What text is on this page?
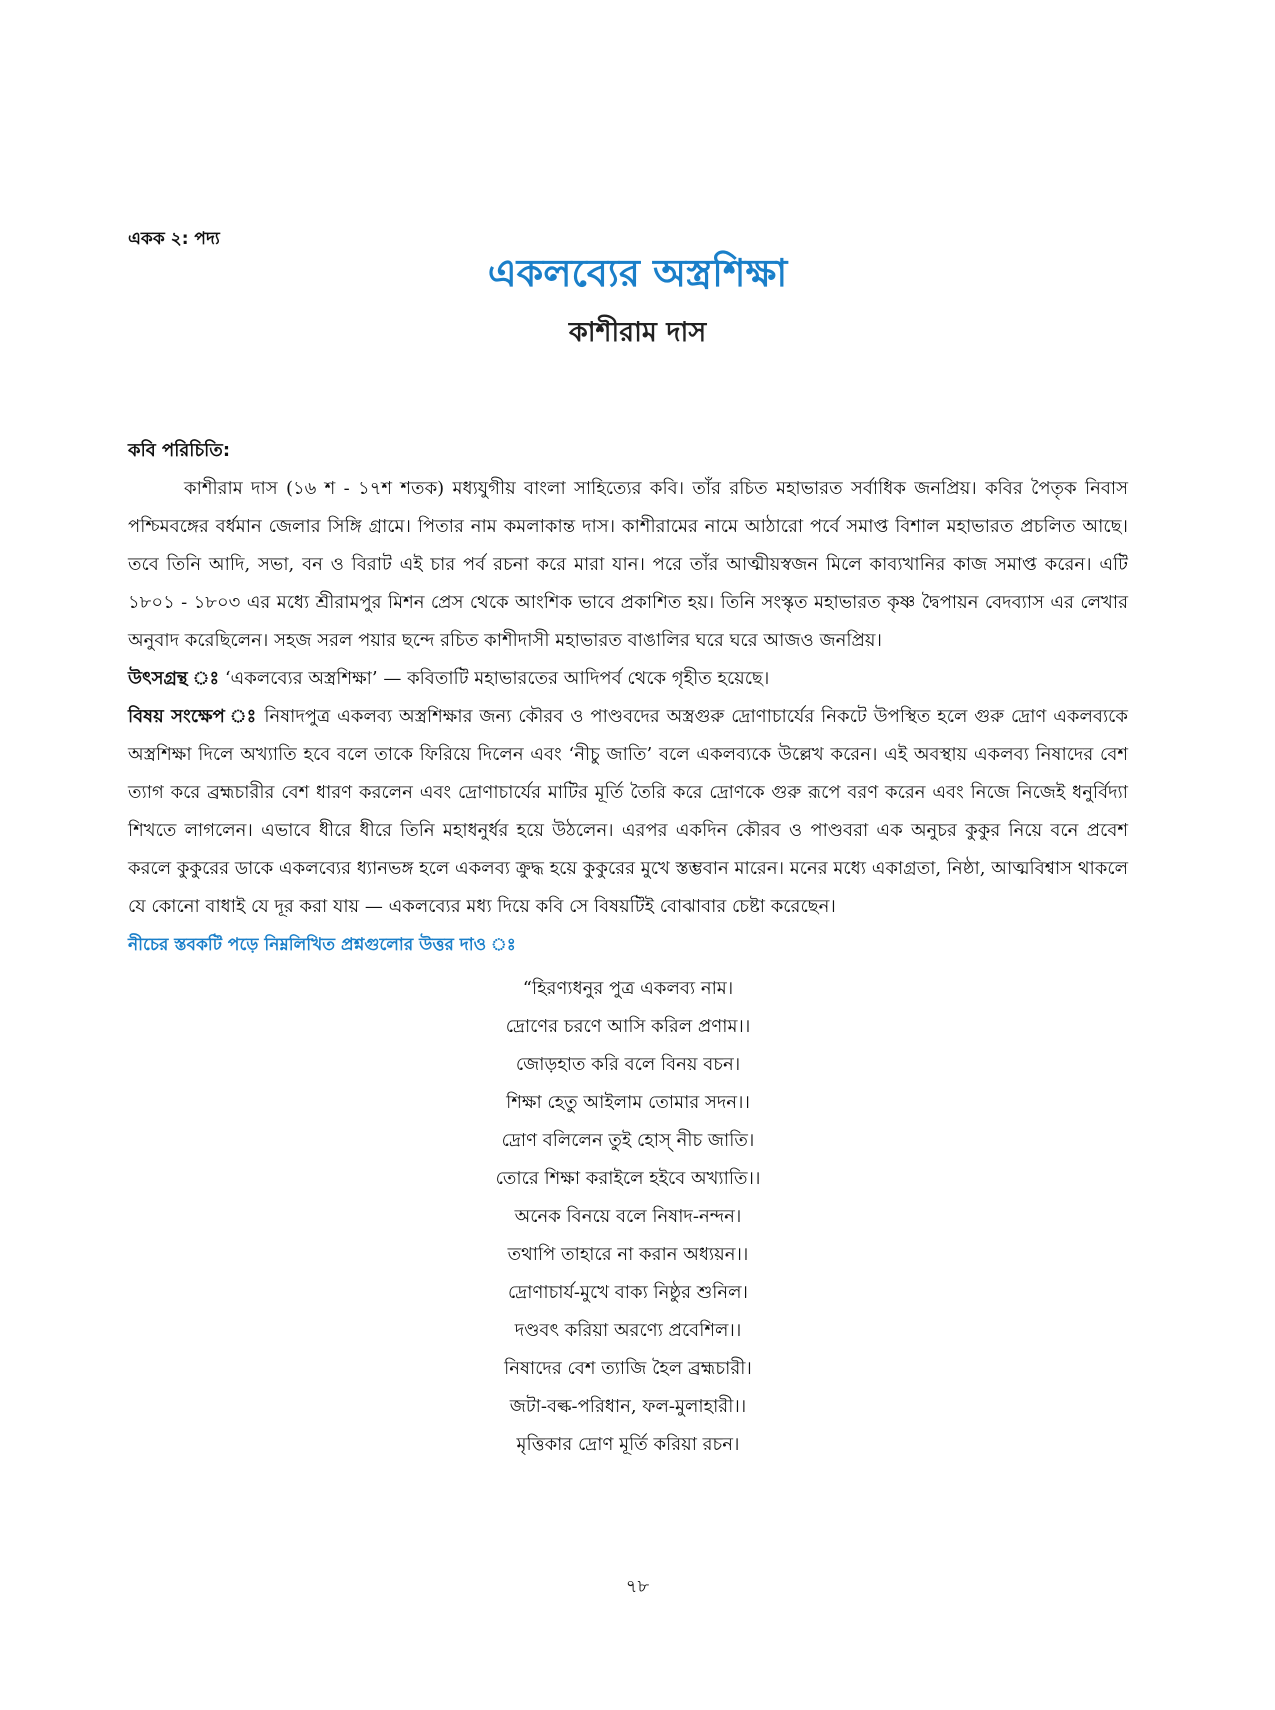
একক ২: পদ্য
একলব্যের অস্ত্রশিক্ষা
কাশীরাম দাস
কবি পরিচিতি:

কাশীরাম দাস (১৬ শ - ১৭শ শতক) মধ্যযুগীয় বাংলা সাহিত্যের কবি। তাঁর রচিত মহাভারত সর্বাধিক জনপ্রিয়। কবির পৈতৃক নিবাস পশ্চিমবঙ্গের বর্ধমান জেলার সিঙ্গি গ্রামে। পিতার নাম কমলাকান্ত দাস। কাশীরামের নামে আঠারো পর্বে সমাপ্ত বিশাল মহাভারত প্রচলিত আছে। তবে তিনি আদি, সভা, বন ও বিরাট এই চার পর্ব রচনা করে মারা যান। পরে তাঁর আত্মীয়স্বজন মিলে কাব্যখানির কাজ সমাপ্ত করেন। এটি ১৮০১ - ১৮০৩ এর মধ্যে শ্রীরামপুর মিশন প্রেস থেকে আংশিক ভাবে প্রকাশিত হয়। তিনি সংস্কৃত মহাভারত কৃষ্ণ দ্বৈপায়ন বেদব্যাস এর লেখার অনুবাদ করেছিলেন। সহজ সরল পয়ার ছন্দে রচিত কাশীদাসী মহাভারত বাঙালির ঘরে ঘরে আজও জনপ্রিয়।

উৎসগ্রন্থ ঃ ‘একলব্যের অস্ত্রশিক্ষা’ — কবিতাটি মহাভারতের আদিপর্ব থেকে গৃহীত হয়েছে।

বিষয় সংক্ষেপ ঃ নিষাদপুত্র একলব্য অস্ত্রশিক্ষার জন্য কৌরব ও পাণ্ডবদের অস্ত্রগুরু দ্রোণাচার্যের নিকটে উপস্থিত হলে গুরু দ্রোণ একলব্যকে অস্ত্রশিক্ষা দিলে অখ্যাতি হবে বলে তাকে ফিরিয়ে দিলেন এবং ‘নীচু জাতি’ বলে একলব্যকে উল্লেখ করেন। এই অবস্থায় একলব্য নিষাদের বেশ ত্যাগ করে ব্রহ্মচারীর বেশ ধারণ করলেন এবং দ্রোণাচার্যের মাটির মূর্তি তৈরি করে দ্রোণকে গুরু রূপে বরণ করেন এবং নিজে নিজেই ধনুর্বিদ্যা শিখতে লাগলেন। এভাবে ধীরে ধীরে তিনি মহাধনুর্ধর হয়ে উঠলেন। এরপর একদিন কৌরব ও পাণ্ডবরা এক অনুচর কুকুর নিয়ে বনে প্রবেশ করলে কুকুরের ডাকে একলব্যের ধ্যানভঙ্গ হলে একলব্য ক্রুদ্ধ হয়ে কুকুরের মুখে স্তম্ভবান মারেন। মনের মধ্যে একাগ্রতা, নিষ্ঠা, আত্মবিশ্বাস থাকলে যে কোনো বাধাই যে দূর করা যায় — একলব্যের মধ্য দিয়ে কবি সে বিষয়টিই বোঝাবার চেষ্টা করেছেন।

নীচের স্তবকটি পড়ে নিম্নলিখিত প্রশ্নগুলোর উত্তর দাও ঃ
“হিরণ্যধনুর পুত্র একলব্য নাম।
দ্রোণের চরণে আসি করিল প্রণাম।।
জোড়হাত করি বলে বিনয় বচন।
শিক্ষা হেতু আইলাম তোমার সদন।।
দ্রোণ বলিলেন তুই হোস্ নীচ জাতি।
তোরে শিক্ষা করাইলে হইবে অখ্যাতি।।
অনেক বিনয়ে বলে নিষাদ-নন্দন।
তথাপি তাহারে না করান অধ্যয়ন।।
দ্রোণাচার্য-মুখে বাক্য নিষ্ঠুর শুনিল।
দণ্ডবৎ করিয়া অরণ্যে প্রবেশিল।।
নিষাদের বেশ ত্যাজি হৈল ব্রহ্মচারী।
জটা-বল্ক-পরিধান, ফল-মুলাহারী।।
মৃত্তিকার দ্রোণ মূর্তি করিয়া রচন।
৭৮
